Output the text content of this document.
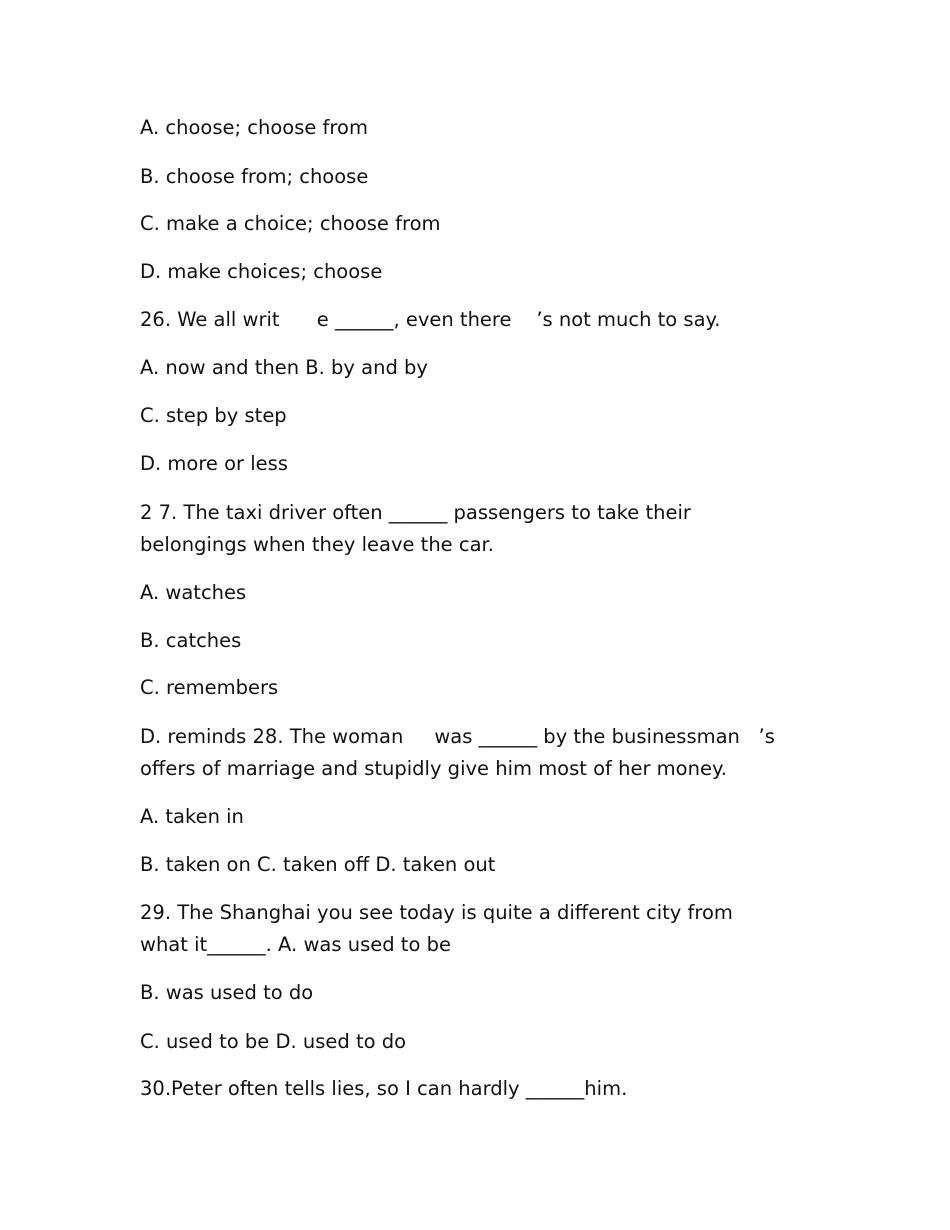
A. choose; choose from

B. choose from; choose

C. make a choice; choose from

D. make choices; choose

26. We all writ      e ______, even there    ’s not much to say.

A. now and then B. by and by

C. step by step

D. more or less

2 7. The taxi driver often ______ passengers to take their belongings when they leave the car.

A. watches

B. catches

C. remembers

D. reminds 28. The woman     was ______ by the businessman   ’s offers of marriage and stupidly give him most of her money.

A. taken in

B. taken on C. taken off D. taken out

29. The Shanghai you see today is quite a different city from what it______. A. was used to be

B. was used to do

C. used to be D. used to do

30.Peter often tells lies, so I can hardly ______him.
